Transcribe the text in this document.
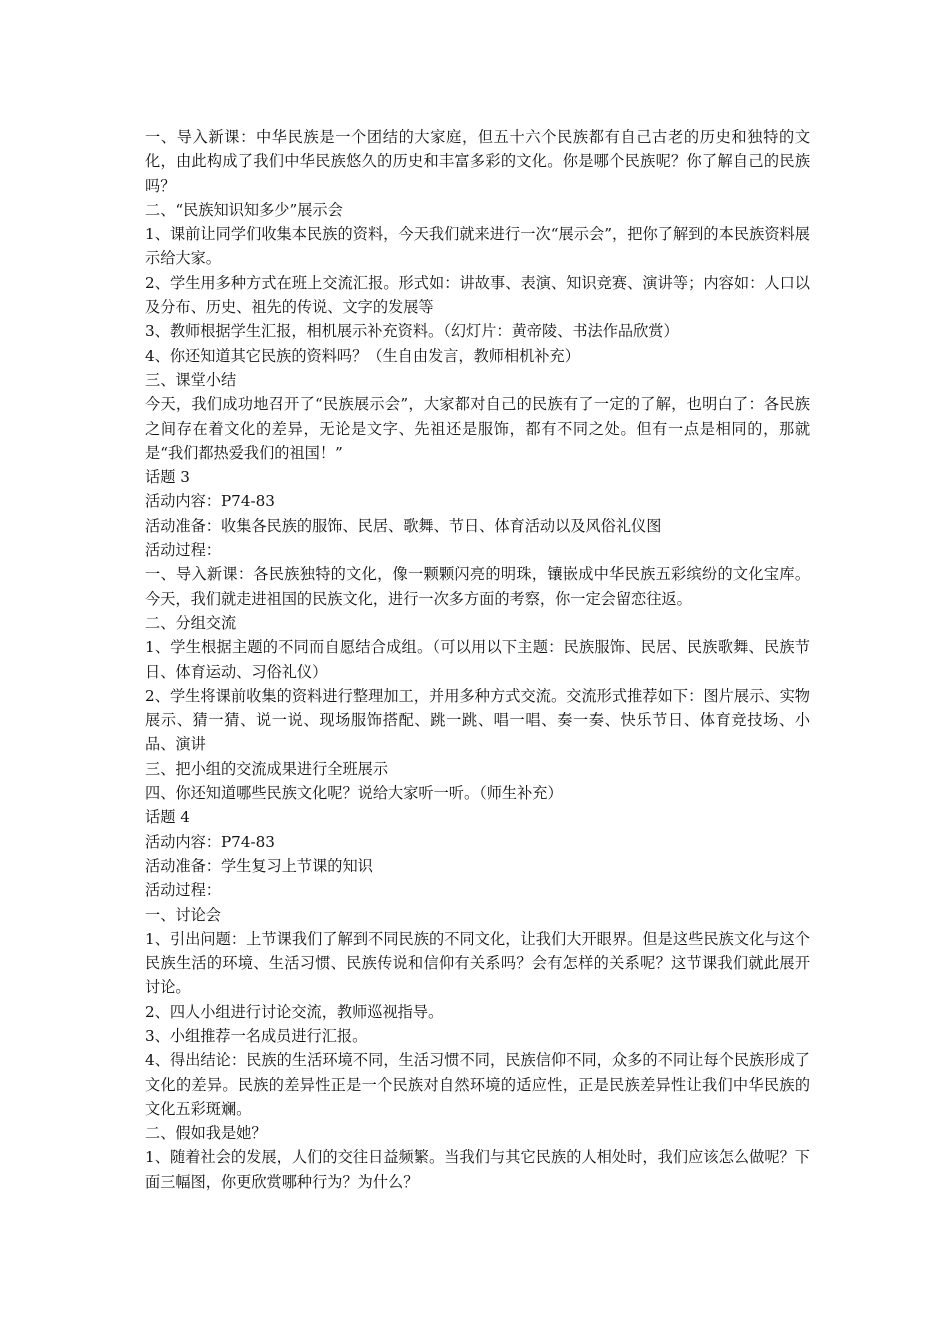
一、导入新课：中华民族是一个团结的大家庭，但五十六个民族都有自己古老的历史和独特的文化，由此构成了我们中华民族悠久的历史和丰富多彩的文化。你是哪个民族呢？你了解自己的民族吗？

二、“民族知识知多少”展示会

1、课前让同学们收集本民族的资料，今天我们就来进行一次“展示会”，把你了解到的本民族资料展示给大家。

2、学生用多种方式在班上交流汇报。形式如：讲故事、表演、知识竞赛、演讲等；内容如：人口以及分布、历史、祖先的传说、文字的发展等

3、教师根据学生汇报，相机展示补充资料。（幻灯片：黄帝陵、书法作品欣赏）

4、你还知道其它民族的资料吗？（生自由发言，教师相机补充）

三、课堂小结

今天，我们成功地召开了“民族展示会”，大家都对自己的民族有了一定的了解，也明白了：各民族之间存在着文化的差异，无论是文字、先祖还是服饰，都有不同之处。但有一点是相同的，那就是“我们都热爱我们的祖国！”

话题 3

活动内容：P74-83

活动准备：收集各民族的服饰、民居、歌舞、节日、体育活动以及风俗礼仪图

活动过程：

一、导入新课：各民族独特的文化，像一颗颗闪亮的明珠，镶嵌成中华民族五彩缤纷的文化宝库。今天，我们就走进祖国的民族文化，进行一次多方面的考察，你一定会留恋往返。

二、分组交流

1、学生根据主题的不同而自愿结合成组。（可以用以下主题：民族服饰、民居、民族歌舞、民族节日、体育运动、习俗礼仪）

2、学生将课前收集的资料进行整理加工，并用多种方式交流。交流形式推荐如下：图片展示、实物展示、猜一猜、说一说、现场服饰搭配、跳一跳、唱一唱、奏一奏、快乐节日、体育竞技场、小品、演讲

三、把小组的交流成果进行全班展示

四、你还知道哪些民族文化呢？说给大家听一听。（师生补充）

话题 4

活动内容：P74-83

活动准备：学生复习上节课的知识

活动过程：

一、讨论会

1、引出问题：上节课我们了解到不同民族的不同文化，让我们大开眼界。但是这些民族文化与这个民族生活的环境、生活习惯、民族传说和信仰有关系吗？会有怎样的关系呢？这节课我们就此展开讨论。

2、四人小组进行讨论交流，教师巡视指导。

3、小组推荐一名成员进行汇报。

4、得出结论：民族的生活环境不同，生活习惯不同，民族信仰不同，众多的不同让每个民族形成了文化的差异。民族的差异性正是一个民族对自然环境的适应性，正是民族差异性让我们中华民族的文化五彩斑斓。

二、假如我是她？

1、随着社会的发展，人们的交往日益频繁。当我们与其它民族的人相处时，我们应该怎么做呢？下面三幅图，你更欣赏哪种行为？为什么？
